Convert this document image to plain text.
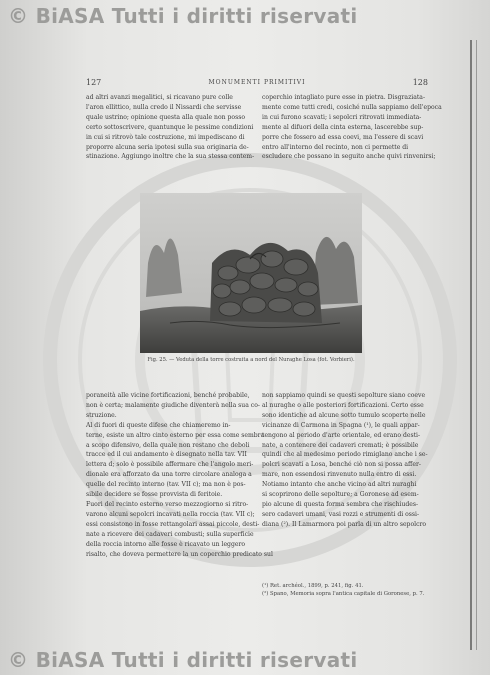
© BiASA Tutti i diritti riservati
127	MONUMENTI PRIMITIVI	128
ad altri avanzi megalitici, si ricavano pure colle
l'aron ellittico, nulla credo il Nissardi che servisse
quale ustrino; opinione questa alla quale non posso
certo sottoscrivere, quantunque le pessime condizioni
in cui si ritrovò tale costruzione, mi impediscano di
proporre alcuna seria ipotesi sulla sua originaria de-
stinazione. Aggiungo inoltre che la sua stessa contem-
coperchio intagliato pure esse in pietra. Disgraziata-
mente come tutti credi, cosiché nulla sappiamo dell'epoca
in cui furono scavati; i sepolcri ritrovati immediata-
mente al difuori della cinta esterna, lascerebbe sup-
porre che fossero ad essa coevi, ma l'essere di scavi
entro all'interno del recinto, non ci permette di
escludere che possano in seguito anche quivi rinvenirsi;
Fig. 25. — Veduta della torre costruita a nord del Nuraghe Losa (fot. Vorbieri).
poraneità alle vicine fortificazioni, benché probabile,
non è certa; malamente giudiche diventerà nella sua co-
struzione.
Al di fuori di queste difese che chiameremo in-
terne, esiste un altro cinto esterno per essa come sembra
a scopo difensivo, della quale non restano che deboli
tracce ed il cui andamento è disegnato nella tav. VII
lettera d; solo è possibile affermare che l'angolo meri-
dionale era afforzato da una torre circolare analoga a
quelle del recinto interno (tav. VII c); ma non è pos-
sibile decidere se fosse provvista di feritoie.
Fuori del recinto esterno verso mezzogiorno si ritro-
varono alcuni sepolcri incavati nella roccia (tav. VII c);
essi consistono in fosse rettangolari assai piccole, desti-
nate a ricevere dei cadaveri combusti; sulla superficie
della roccia intorno alle fosse è ricavato un leggero
risalto, che doveva permettere la un coperchio predicato sul
non sappiamo quindi se questi sepolture siano coeve
al nuraghe o alle posteriori fortificazioni. Certo esse
sono identiche ad alcune sotto tumulo scoperte nelle
vicinanze di Carmona in Spagna (¹), le quali appar-
tengono al periodo d'arte orientale, ed erano desti-
nate, a contenere dei cadaveri cremati; è possibile
quindi che al medesimo periodo rimiglano anche i se-
polcri scavati a Losa, benché ciò non si possa affer-
mare, non essendosi rinvenuto nulla entro di essi.
Notiamo intanto che anche vicino ad altri nuraghi
si scoprirono delle sepolture; a Goronese ad esem-
pio alcune di questa forma sembra che rischiudes-
sero cadaveri umani, vasi rozzi e strumenti di ossi-
diana (²). Il Lamarmora poi parla di un altro sepolcro
(¹) Ret. archéol., 1899, p. 241, fig. 41.
(²) Spano, Memoria sopra l'antica capitale di Goronese, p. 7.
© BiASA Tutti i diritti riservati
